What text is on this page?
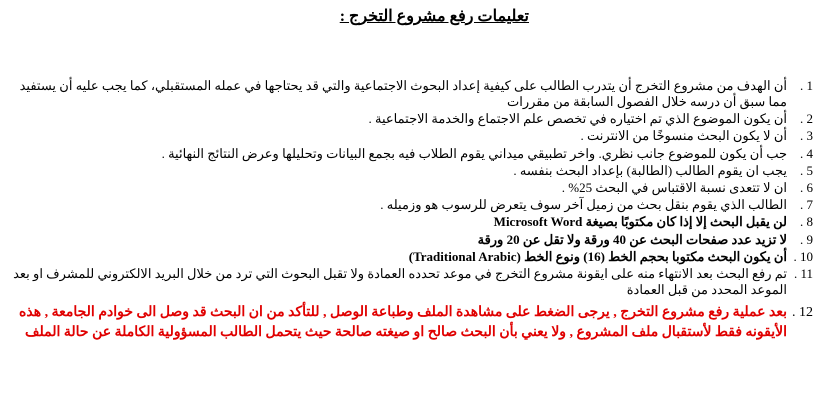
تعليمات رفع مشروع التخرج :
1 .
أن الهدف من مشروع التخرج أن يتدرب الطالب على كيفية إعداد البحوث الاجتماعية والتي قد يحتاجها في عمله المستقبلي، كما يجب عليه أن يستفيد مما سبق أن درسه خلال الفصول السابقة من مقررات
2 .
أن يكون الموضوع الذي تم اختياره في تخصص علم الاجتماع والخدمة الاجتماعية .
3 .
أن لا يكون البحث منسوخًا من الانترنت .
4 .
جب أن يكون للموضوع جانب نظري. واخر تطبيقي ميداني يقوم الطلاب فيه بجمع البيانات وتحليلها وعرض النتائج النهائية .
5 .
يجب ان يقوم الطالب (الطالبة) بإعداد البحث بنفسه .
6 .
ان لا تتعدى نسبة الاقتباس في البحث 25% .
7 .
الطالب الذي يقوم بنقل بحث من زميل آخر سوف يتعرض للرسوب هو وزميله .
8 .
لن يقبل البحث إلا إذا كان مكتوبًا بصيغة Microsoft Word
9 .
لا تزيد عدد صفحات البحث عن 40 ورقة ولا تقل عن 20 ورقة
10 .
أن يكون البحث مكتوبا بحجم الخط (16) ونوع الخط (Traditional Arabic)
11 .
تم رفع البحث بعد الانتهاء منه على ايقونة مشروع التخرج في موعد تحدده العمادة ولا تقبل البحوث التي ترد من خلال البريد الالكتروني للمشرف او بعد الموعد المحدد من قبل العمادة
12 .
بعد عملية رفع مشروع التخرج , يرجى الضغط على مشاهدة الملف وطباعة الوصل , للتأكد من ان البحث قد وصل الى خوادم الجامعة , هذه الأيقونه فقط لأستقبال ملف المشروع , ولا يعني بأن البحث صالح او صيغته صالحة حيث يتحمل الطالب المسؤولية الكاملة عن حالة الملف
